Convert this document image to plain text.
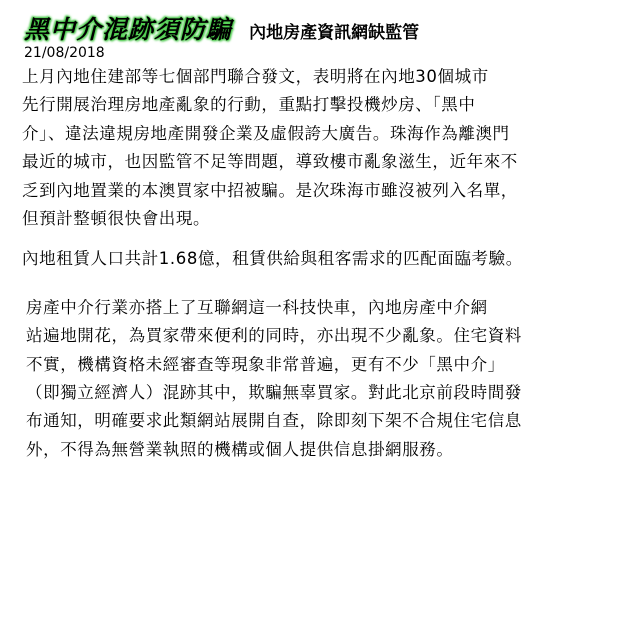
黑中介混跡須防騙 內地房產資訊網缺監管
21/08/2018

上月內地住建部等七個部門聯合發文，表明將在內地30個城市
先行開展治理房地產亂象的行動，重點打擊投機炒房、「黑中
介」、違法違規房地產開發企業及虛假誇大廣告。珠海作為離澳門
最近的城市，也因監管不足等問題，導致樓市亂象滋生，近年來不
乏到內地置業的本澳買家中招被騙。是次珠海市雖沒被列入名單，
但預計整頓很快會出現。

內地租賃人口共計1.68億，租賃供給與租客需求的匹配面臨考驗。

房產中介行業亦搭上了互聯網這一科技快車，內地房產中介網
站遍地開花，為買家帶來便利的同時，亦出現不少亂象。住宅資料
不實，機構資格未經審查等現象非常普遍，更有不少「黑中介」
（即獨立經濟人）混跡其中，欺騙無辜買家。對此北京前段時間發
布通知，明確要求此類網站展開自查，除即刻下架不合規住宅信息
外，不得為無營業執照的機構或個人提供信息掛網服務。
